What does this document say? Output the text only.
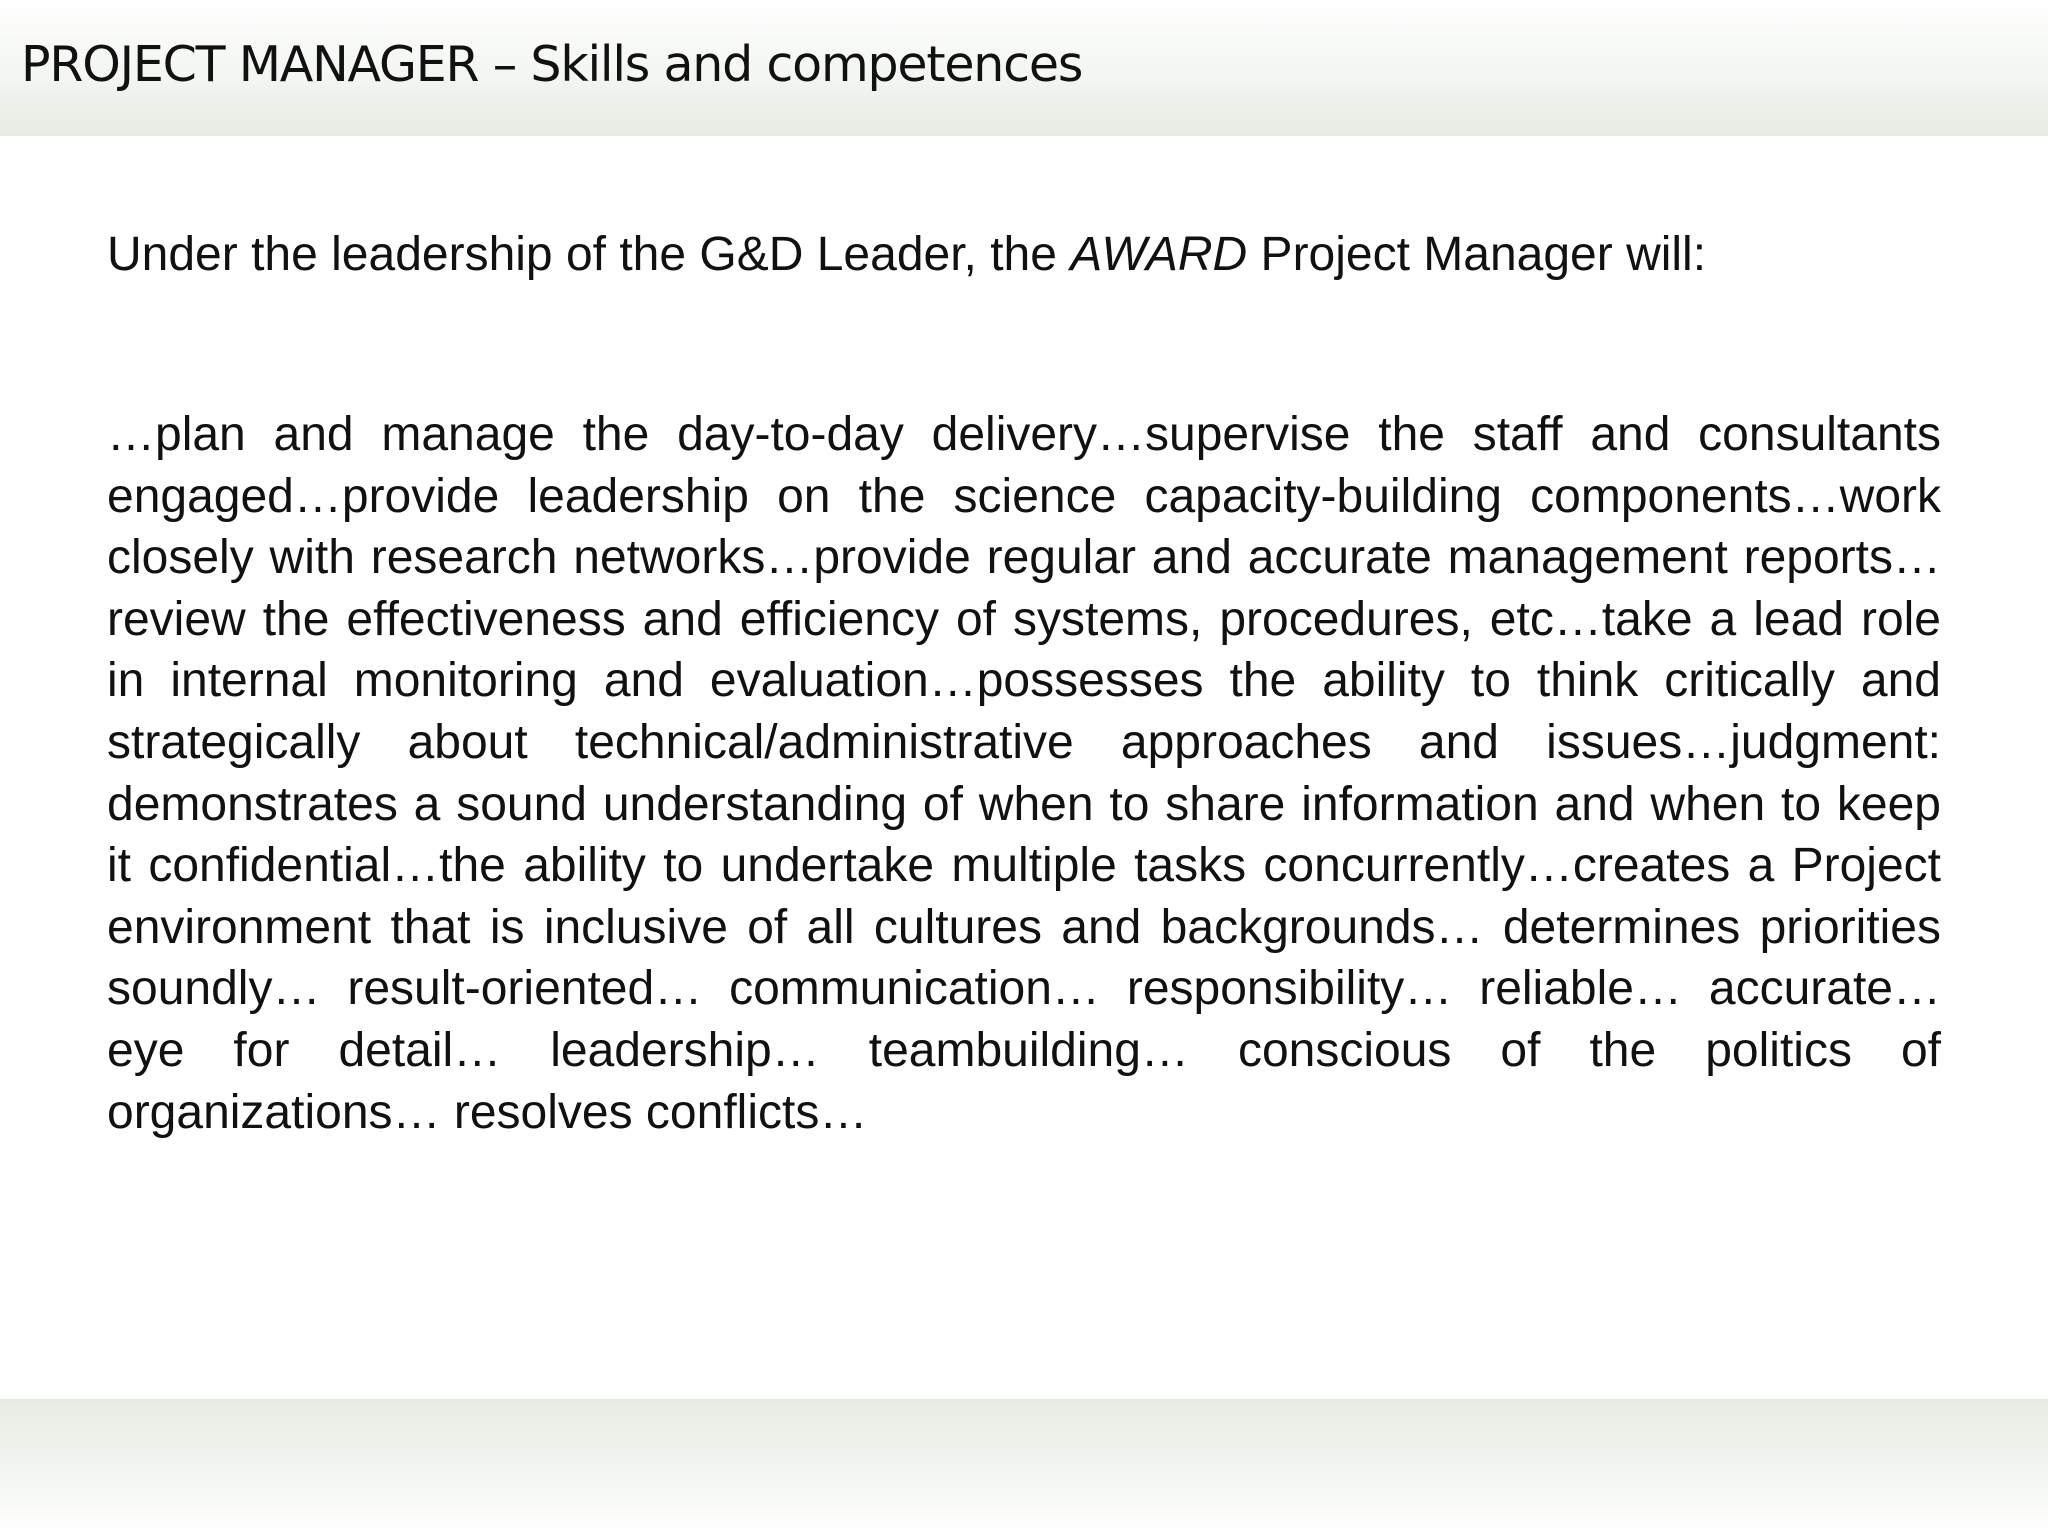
PROJECT MANAGER – Skills and competences

Under the leadership of the G&D Leader, the AWARD Project Manager will:

…plan and manage the day-to-day delivery…supervise the staff and consultants engaged…provide leadership on the science capacity-building components…work closely with research networks…provide regular and accurate management reports…review the effectiveness and efficiency of systems, procedures, etc…take a lead role in internal monitoring and evaluation…possesses the ability to think critically and strategically about technical/administrative approaches and issues…judgment: demonstrates a sound understanding of when to share information and when to keep it confidential…the ability to undertake multiple tasks concurrently…creates a Project environment that is inclusive of all cultures and backgrounds… determines priorities soundly… result-oriented… communication… responsibility… reliable… accurate… eye for detail… leadership… teambuilding… conscious of the politics of organizations… resolves conflicts…
